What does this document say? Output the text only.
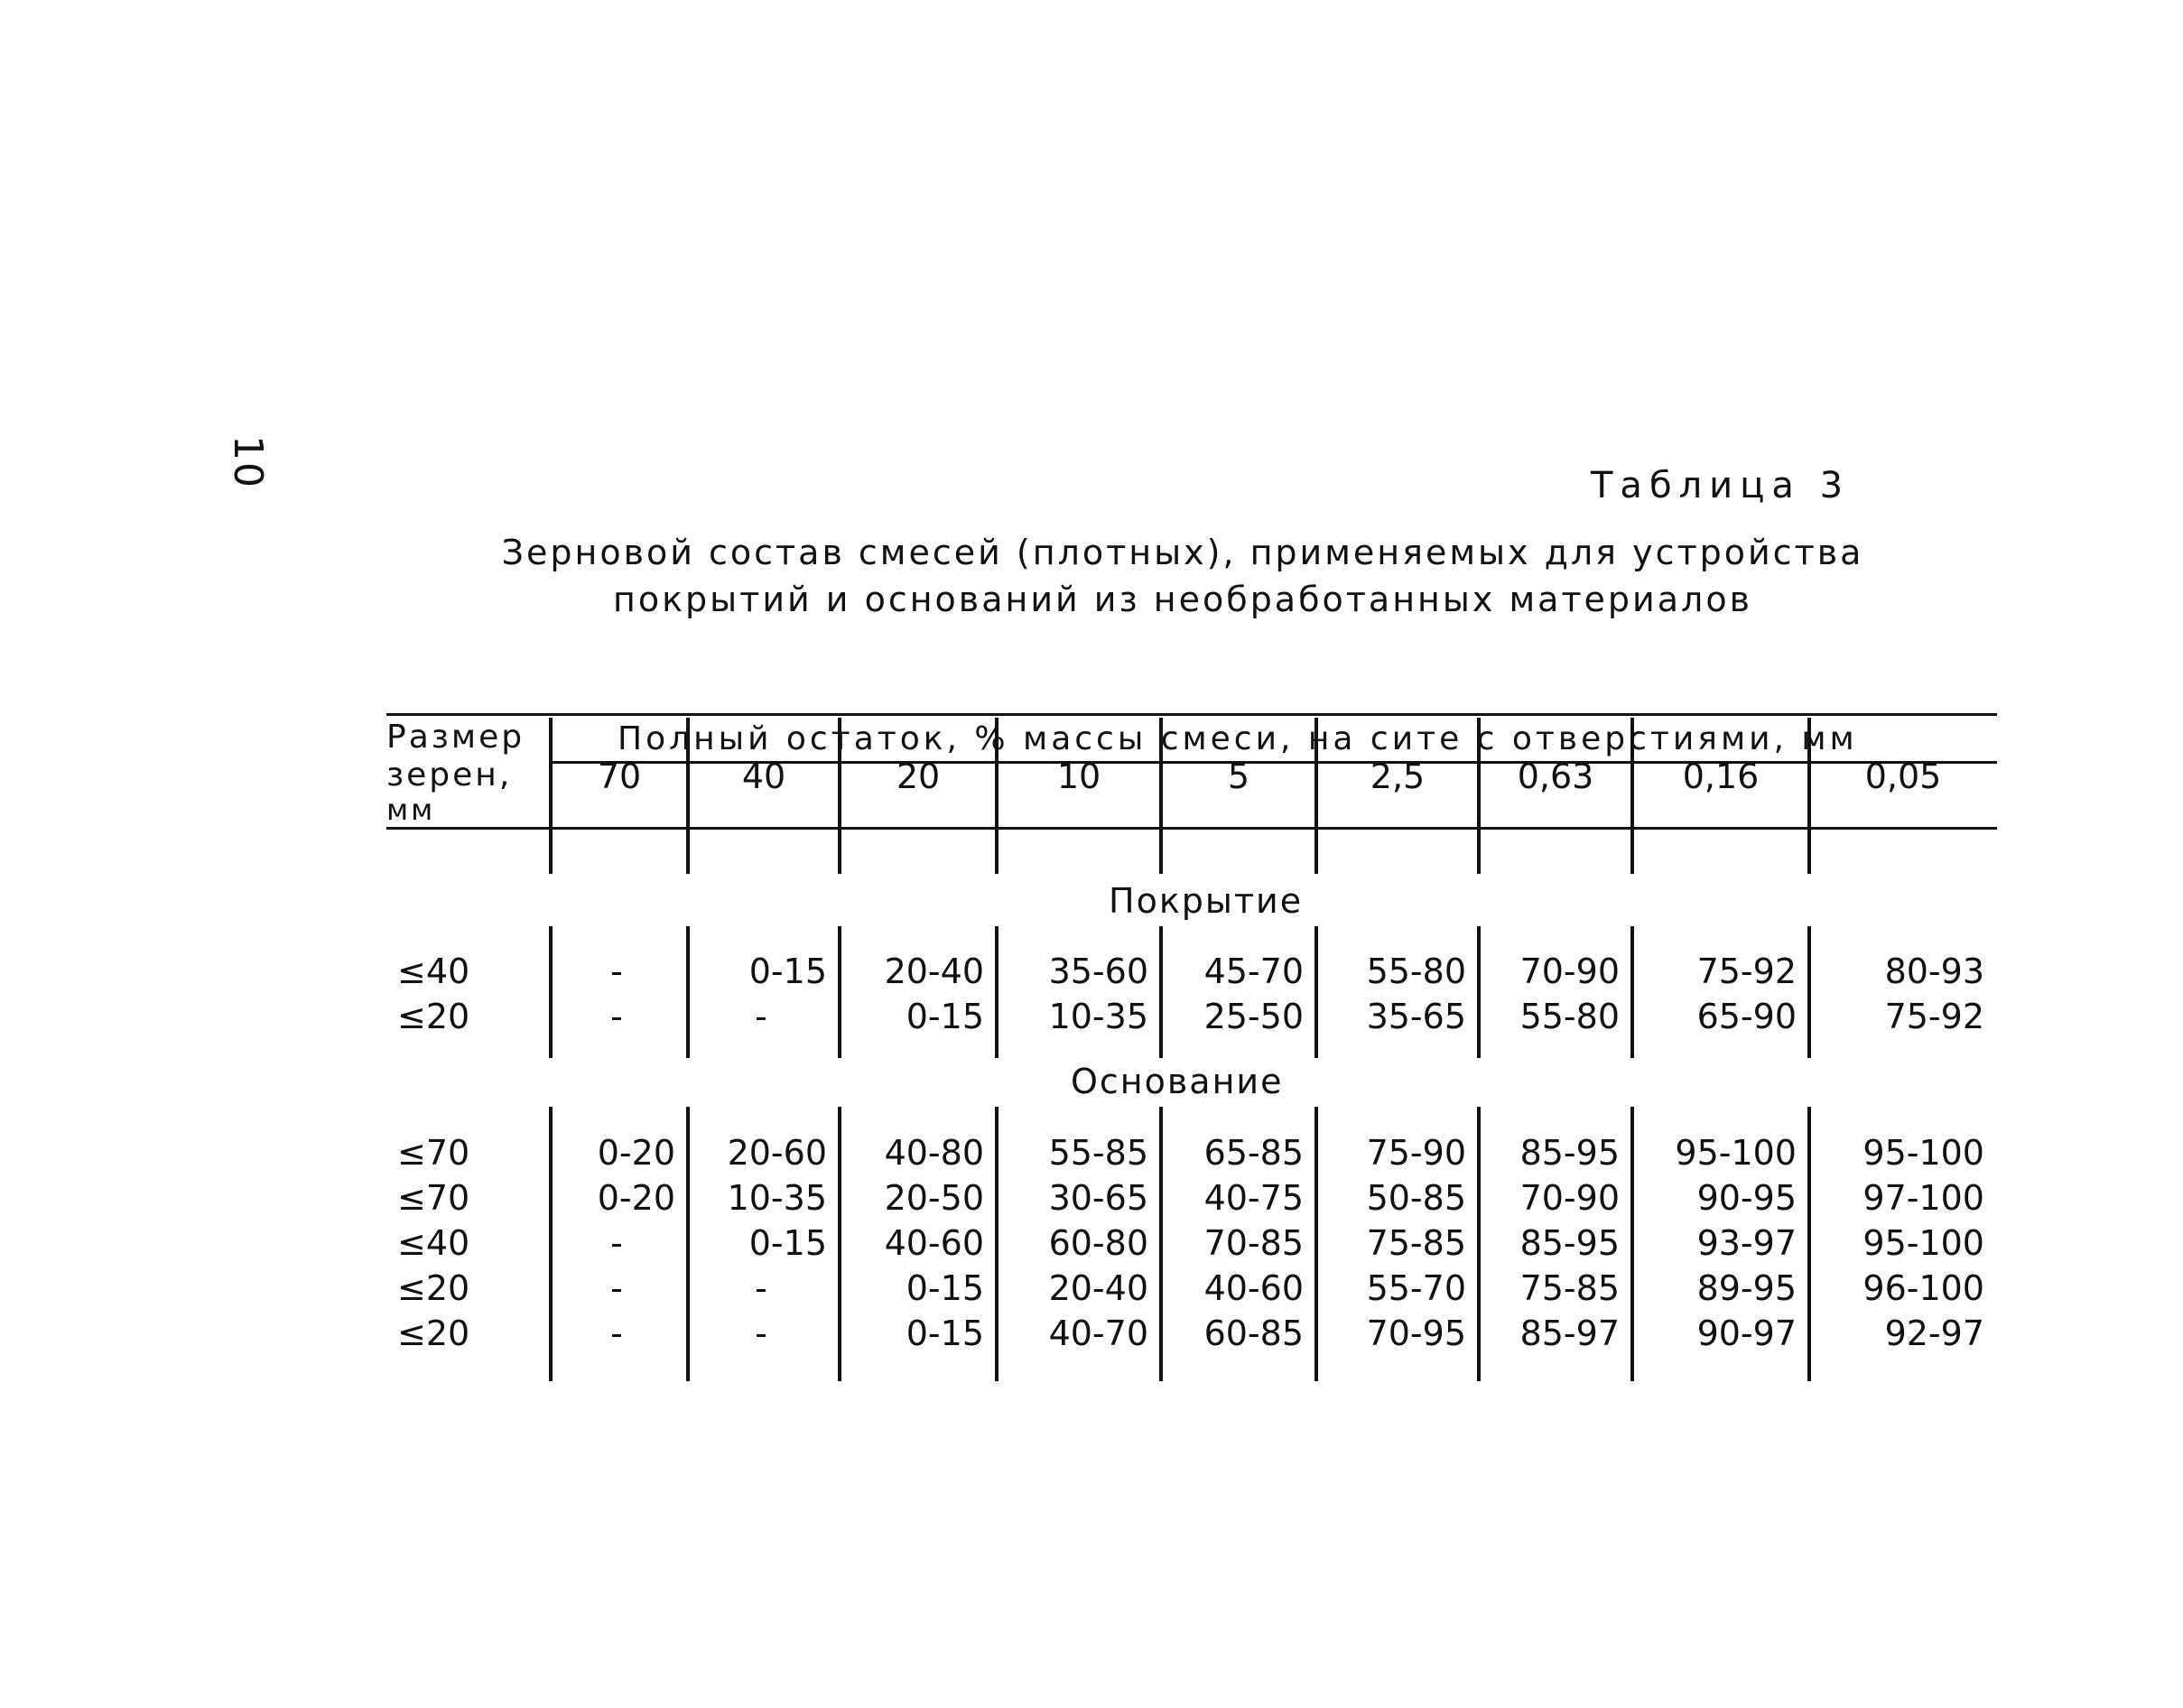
10	Таблица 3
Зерновой состав смесей (плотных), применяемых для устройства
покрытий и оснований из необработанных материалов
Размер
зерен,
мм
Полный остаток, % массы смеси, на сите с отверстиями, мм
70	40	20	10	5	2,5	0,63	0,16	0,05
Покрытие
≤40	-	0-15	20-40	35-60	45-70	55-80	70-90	75-92	80-93
≤20	-	-	0-15	10-35	25-50	35-65	55-80	65-90	75-92
Основание
≤70	0-20	20-60	40-80	55-85	65-85	75-90	85-95	95-100	95-100
≤70	0-20	10-35	20-50	30-65	40-75	50-85	70-90	90-95	97-100
≤40	-	0-15	40-60	60-80	70-85	75-85	85-95	93-97	95-100
≤20	-	-	0-15	20-40	40-60	55-70	75-85	89-95	96-100
≤20	-	-	0-15	40-70	60-85	70-95	85-97	90-97	92-97
